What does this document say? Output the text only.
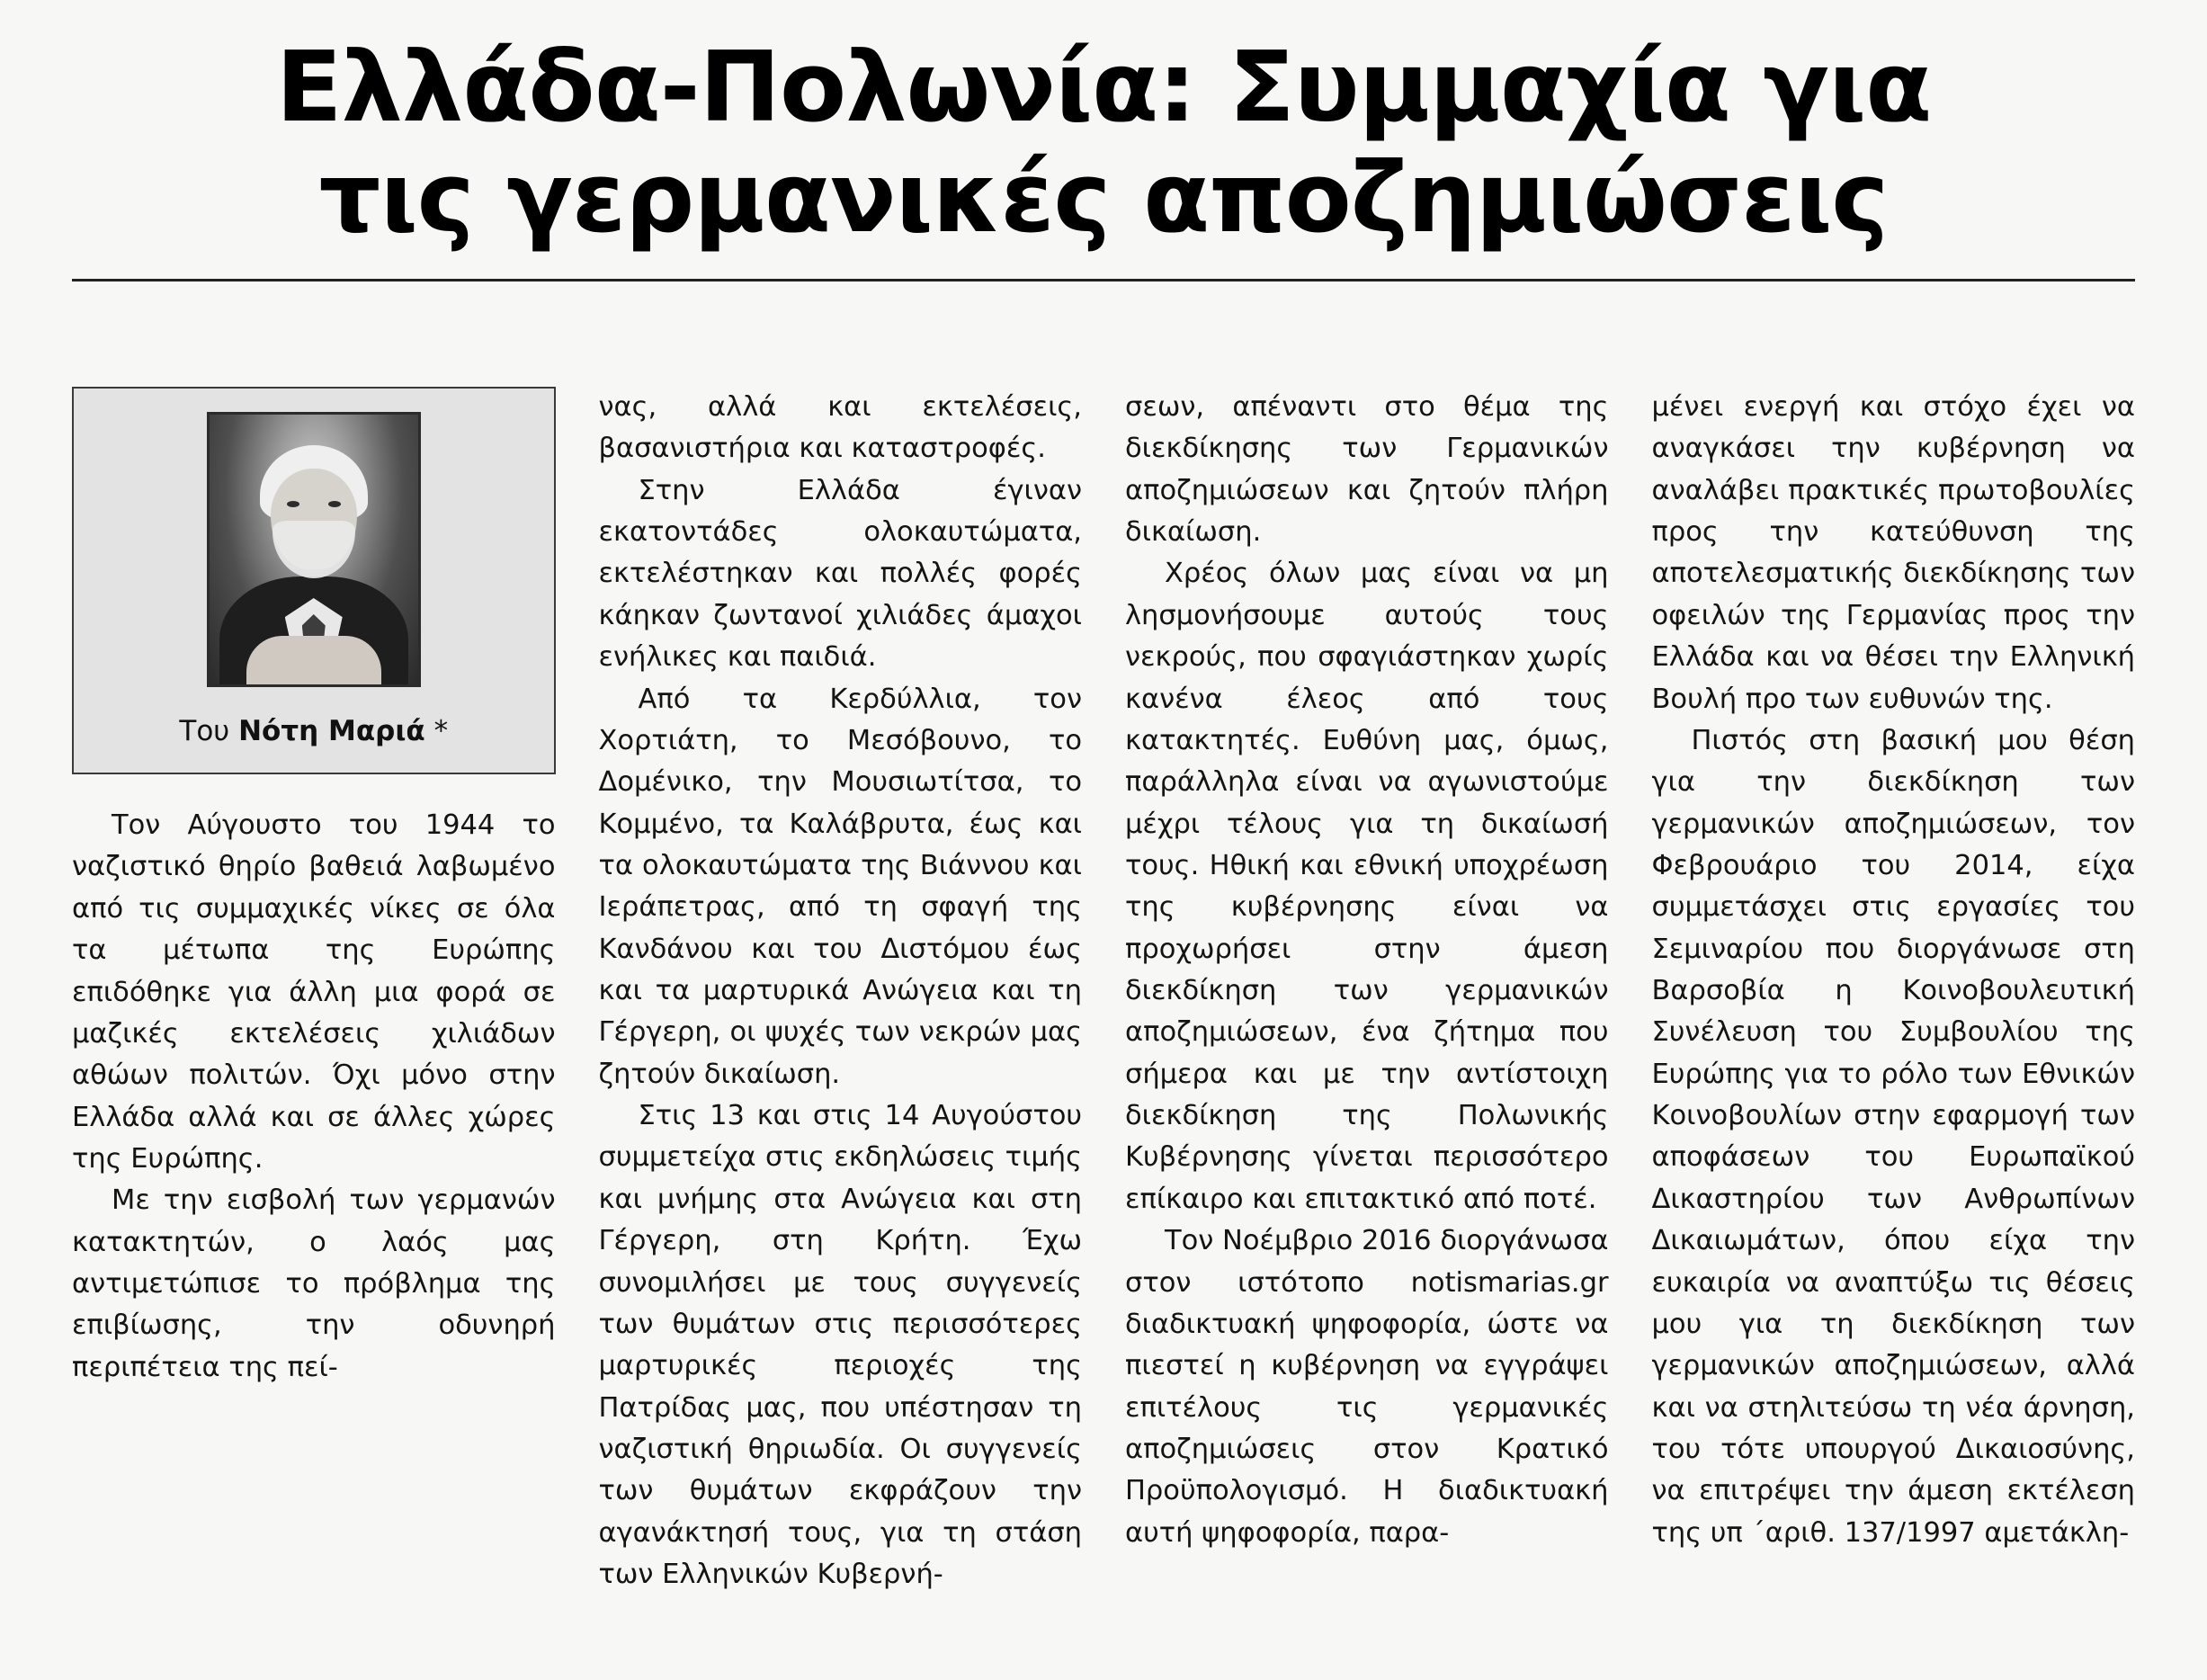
Ελλάδα-Πολωνία: Συμμαχία για
τις γερμανικές αποζημιώσεις
Του Νότη Μαριά *

Τον Αύγουστο του 1944 το ναζιστικό θηρίο βαθειά λαβωμένο από τις συμμαχικές νίκες σε όλα τα μέτωπα της Ευρώπης επιδόθηκε για άλλη μια φορά σε μαζικές εκτελέσεις χιλιάδων αθώων πολιτών. Όχι μόνο στην Ελλάδα αλλά και σε άλλες χώρες της Ευρώπης.

Με την εισβολή των γερμανών κατακτητών, ο λαός μας αντιμετώπισε το πρόβλημα της επιβίωσης, την οδυνηρή περιπέτεια της πεί-

νας, αλλά και εκτελέσεις, βασανιστήρια και καταστροφές.

Στην Ελλάδα έγιναν εκατοντάδες ολοκαυτώματα, εκτελέστηκαν και πολλές φορές κάηκαν ζωντανοί χιλιάδες άμαχοι ενήλικες και παιδιά.

Από τα Κερδύλλια, τον Χορτιάτη, το Μεσόβουνο, το Δομένικο, την Μουσιωτίτσα, το Κομμένο, τα Καλάβρυτα, έως και τα ολοκαυτώματα της Βιάννου και Ιεράπετρας, από τη σφαγή της Κανδάνου και του Διστόμου έως και τα μαρτυρικά Ανώγεια και τη Γέργερη, οι ψυχές των νεκρών μας ζητούν δικαίωση.

Στις 13 και στις 14 Αυγούστου συμμετείχα στις εκδηλώσεις τιμής και μνήμης στα Ανώγεια και στη Γέργερη, στη Κρήτη. Έχω συνομιλήσει με τους συγγενείς των θυμάτων στις περισσότερες μαρτυρικές περιοχές της Πατρίδας μας, που υπέστησαν τη ναζιστική θηριωδία. Οι συγγενείς των θυμάτων εκφράζουν την αγανάκτησή τους, για τη στάση των Ελληνικών Κυβερνή-

σεων, απέναντι στο θέμα της διεκδίκησης των Γερμανικών αποζημιώσεων και ζητούν πλήρη δικαίωση.

Χρέος όλων μας είναι να μη λησμονήσουμε αυτούς τους νεκρούς, που σφαγιάστηκαν χωρίς κανένα έλεος από τους κατακτητές. Ευθύνη μας, όμως, παράλληλα είναι να αγωνιστούμε μέχρι τέλους για τη δικαίωσή τους. Ηθική και εθνική υποχρέωση της κυβέρνησης είναι να προχωρήσει στην άμεση διεκδίκηση των γερμανικών αποζημιώσεων, ένα ζήτημα που σήμερα και με την αντίστοιχη διεκδίκηση της Πολωνικής Κυβέρνησης γίνεται περισσότερο επίκαιρο και επιτακτικό από ποτέ.

Τον Νοέμβριο 2016 διοργάνωσα στον ιστότοπο notismarias.gr διαδικτυακή ψηφοφορία, ώστε να πιεστεί η κυβέρνηση να εγγράψει επιτέλους τις γερμανικές αποζημιώσεις στον Κρατικό Προϋπολογισμό. Η διαδικτυακή αυτή ψηφοφορία, παρα-

μένει ενεργή και στόχο έχει να αναγκάσει την κυβέρνηση να αναλάβει πρακτικές πρωτοβουλίες προς την κατεύθυνση της αποτελεσματικής διεκδίκησης των οφειλών της Γερμανίας προς την Ελλάδα και να θέσει την Ελληνική Βουλή προ των ευθυνών της.

Πιστός στη βασική μου θέση για την διεκδίκηση των γερμανικών αποζημιώσεων, τον Φεβρουάριο του 2014, είχα συμμετάσχει στις εργασίες του Σεμιναρίου που διοργάνωσε στη Βαρσοβία η Κοινοβουλευτική Συνέλευση του Συμβουλίου της Ευρώπης για το ρόλο των Εθνικών Κοινοβουλίων στην εφαρμογή των αποφάσεων του Ευρωπαϊκού Δικαστηρίου των Ανθρωπίνων Δικαιωμάτων, όπου είχα την ευκαιρία να αναπτύξω τις θέσεις μου για τη διεκδίκηση των γερμανικών αποζημιώσεων, αλλά και να στηλιτεύσω τη νέα άρνηση, του τότε υπουργού Δικαιοσύνης, να επιτρέψει την άμεση εκτέλεση της υπ ΄αριθ. 137/1997 αμετάκλη-
